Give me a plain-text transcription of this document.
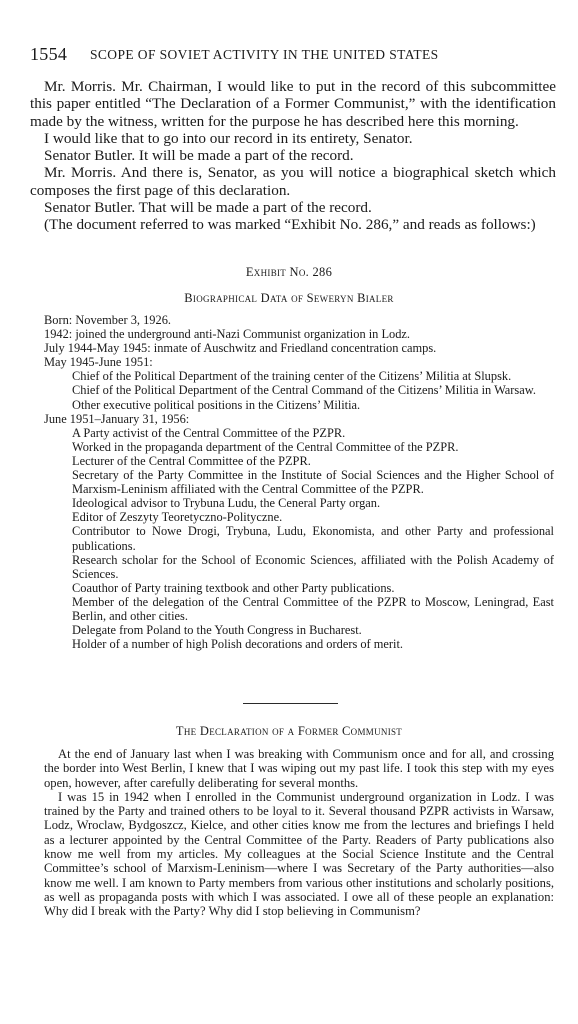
1554 SCOPE OF SOVIET ACTIVITY IN THE UNITED STATES

Mr. Morris. Mr. Chairman, I would like to put in the record of this subcommittee this paper entitled “The Declaration of a Former Communist,” with the identification made by the witness, written for the purpose he has described here this morning.

I would like that to go into our record in its entirety, Senator.

Senator Butler. It will be made a part of the record.

Mr. Morris. And there is, Senator, as you will notice a biographical sketch which composes the first page of this declaration.

Senator Butler. That will be made a part of the record.

(The document referred to was marked “Exhibit No. 286,” and reads as follows:)

Exhibit No. 286
Biographical Data of Seweryn Bialer

Born: November 3, 1926.

1942: joined the underground anti-Nazi Communist organization in Lodz.

July 1944-May 1945: inmate of Auschwitz and Friedland concentration camps.

May 1945-June 1951:

Chief of the Political Department of the training center of the Citizens’ Militia at Slupsk.

Chief of the Political Department of the Central Command of the Citizens’ Militia in Warsaw.

Other executive political positions in the Citizens’ Militia.

June 1951–January 31, 1956:

A Party activist of the Central Committee of the PZPR.

Worked in the propaganda department of the Central Committee of the PZPR.

Lecturer of the Central Committee of the PZPR.

Secretary of the Party Committee in the Institute of Social Sciences and the Higher School of Marxism-Leninism affiliated with the Central Committee of the PZPR.

Ideological advisor to Trybuna Ludu, the Ceneral Party organ.

Editor of Zeszyty Teoretyczno-Polityczne.

Contributor to Nowe Drogi, Trybuna, Ludu, Ekonomista, and other Party and professional publications.

Research scholar for the School of Economic Sciences, affiliated with the Polish Academy of Sciences.

Coauthor of Party training textbook and other Party publications.

Member of the delegation of the Central Committee of the PZPR to Moscow, Leningrad, East Berlin, and other cities.

Delegate from Poland to the Youth Congress in Bucharest.

Holder of a number of high Polish decorations and orders of merit.

The Declaration of a Former Communist

At the end of January last when I was breaking with Communism once and for all, and crossing the border into West Berlin, I knew that I was wiping out my past life. I took this step with my eyes open, however, after carefully deliberating for several months.

I was 15 in 1942 when I enrolled in the Communist underground organization in Lodz. I was trained by the Party and trained others to be loyal to it. Several thousand PZPR activists in Warsaw, Lodz, Wroclaw, Bydgoszcz, Kielce, and other cities know me from the lectures and briefings I held as a lecturer appointed by the Central Committee of the Party. Readers of Party publications also know me well from my articles. My colleagues at the Social Science Institute and the Central Committee’s school of Marxism-Leninism—where I was Secretary of the Party authorities—also know me well. I am known to Party members from various other institutions and scholarly positions, as well as propaganda posts with which I was associated. I owe all of these people an explanation: Why did I break with the Party? Why did I stop believing in Communism?
